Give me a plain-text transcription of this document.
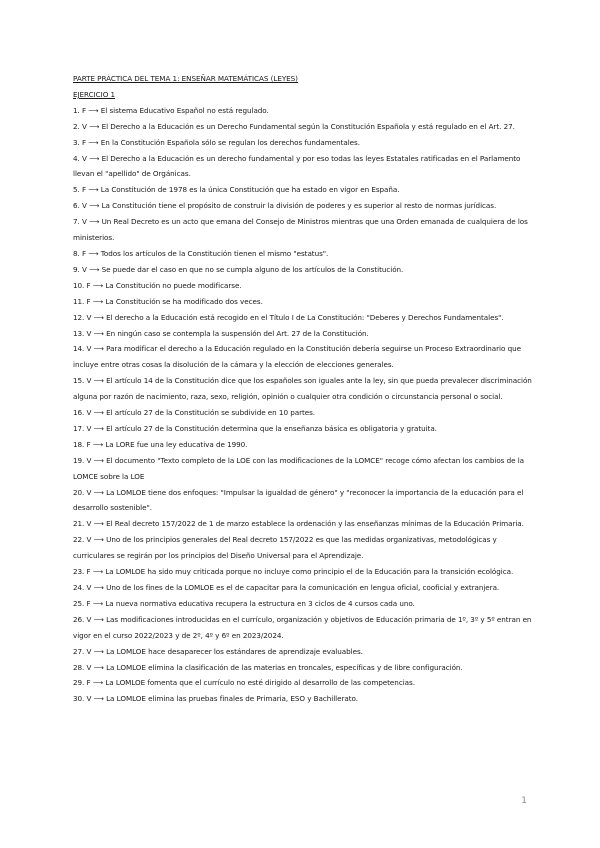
PARTE PRÁCTICA DEL TEMA 1: ENSEÑAR MATEMÁTICAS (LEYES)
EJERCICIO 1
1. F ⟶ El sistema Educativo Español no está regulado.
2. V ⟶ El Derecho a la Educación es un Derecho Fundamental según la Constitución Española y está regulado en el Art. 27.
3. F ⟶ En la Constitución Española sólo se regulan los derechos fundamentales.
4. V ⟶ El Derecho a la Educación es un derecho fundamental y por eso todas las leyes Estatales ratificadas en el Parlamento llevan el "apellido" de Orgánicas.
5. F ⟶ La Constitución de 1978 es la única Constitución que ha estado en vigor en España.
6. V ⟶ La Constitución tiene el propósito de construir la división de poderes y es superior al resto de normas jurídicas.
7. V ⟶ Un Real Decreto es un acto que emana del Consejo de Ministros mientras que una Orden emanada de cualquiera de los ministerios.
8. F ⟶ Todos los artículos de la Constitución tienen el mismo "estatus".
9. V ⟶ Se puede dar el caso en que no se cumpla alguno de los artículos de la Constitución.
10. F ⟶ La Constitución no puede modificarse.
11. F ⟶ La Constitución se ha modificado dos veces.
12. V ⟶ El derecho a la Educación está recogido en el Título I de La Constitución: "Deberes y Derechos Fundamentales".
13. V ⟶ En ningún caso se contempla la suspensión del Art. 27 de la Constitución.
14. V ⟶ Para modificar el derecho a la Educación regulado en la Constitución debería seguirse un Proceso Extraordinario que incluye entre otras cosas la disolución de la cámara y la elección de elecciones generales.
15. V ⟶ El artículo 14 de la Constitución dice que los españoles son iguales ante la ley, sin que pueda prevalecer discriminación alguna por razón de nacimiento, raza, sexo, religión, opinión o cualquier otra condición o circunstancia personal o social.
16. V ⟶ El artículo 27 de la Constitución se subdivide en 10 partes.
17. V ⟶ El artículo 27 de la Constitución determina que la enseñanza básica es obligatoria y gratuita.
18. F ⟶ La LORE fue una ley educativa de 1990.
19. V ⟶ El documento "Texto completo de la LOE con las modificaciones de la LOMCE" recoge cómo afectan los cambios de la LOMCE sobre la LOE
20. V ⟶ La LOMLOE tiene dos enfoques: "Impulsar la igualdad de género" y "reconocer la importancia de la educación para el desarrollo sostenible".
21. V ⟶ El Real decreto 157/2022 de 1 de marzo establece la ordenación y las enseñanzas mínimas de la Educación Primaria.
22. V ⟶ Uno de los principios generales del Real decreto 157/2022 es que las medidas organizativas, metodológicas y curriculares se regirán por los principios del Diseño Universal para el Aprendizaje.
23. F ⟶ La LOMLOE ha sido muy criticada porque no incluye como principio el de la Educación para la transición ecológica.
24. V ⟶ Uno de los fines de la LOMLOE es el de capacitar para la comunicación en lengua oficial, cooficial y extranjera.
25. F ⟶ La nueva normativa educativa recupera la estructura en 3 ciclos de 4 cursos cada uno.
26. V ⟶ Las modificaciones introducidas en el currículo, organización y objetivos de Educación primaria de 1º, 3º y 5º entran en vigor en el curso 2022/2023 y de 2º, 4º y 6º en 2023/2024.
27. V ⟶ La LOMLOE hace desaparecer los estándares de aprendizaje evaluables.
28. V ⟶ La LOMLOE elimina la clasificación de las materias en troncales, específicas y de libre configuración.
29. F ⟶ La LOMLOE fomenta que el currículo no esté dirigido al desarrollo de las competencias.
30. V ⟶ La LOMLOE elimina las pruebas finales de Primaria, ESO y Bachillerato.
1
